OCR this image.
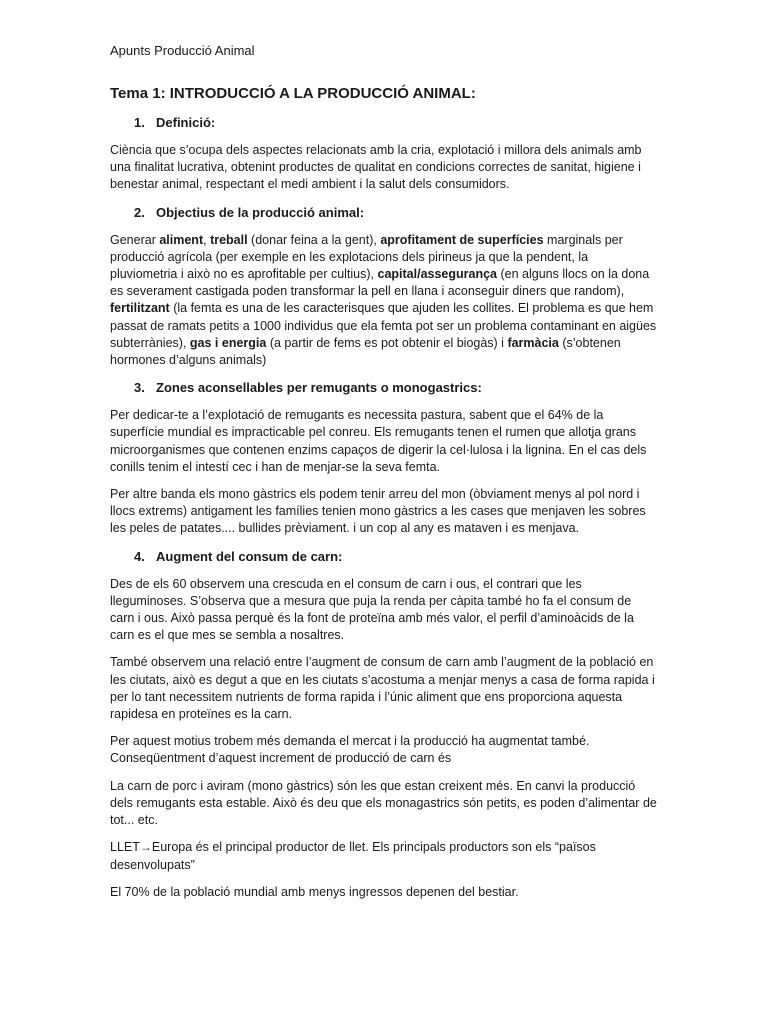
Apunts Producció Animal
Tema 1: INTRODUCCIÓ A LA PRODUCCIÓ ANIMAL:
1. Definició:

Ciència que s’ocupa dels aspectes relacionats amb la cria, explotació i millora dels animals amb una finalitat lucrativa, obtenint productes de qualitat en condicions correctes de sanitat, higiene i benestar animal, respectant el medi ambient i la salut dels consumidors.

2. Objectius de la producció animal:

Generar aliment, treball (donar feina a la gent), aprofitament de superfícies marginals per producció agrícola (per exemple en les explotacions dels pirineus ja que la pendent, la pluviometria i això no es aprofitable per cultius), capital/assegurança (en alguns llocs on la dona es severament castigada poden transformar la pell en llana i aconseguir diners que random), fertilitzant (la femta es una de les caracterisques que ajuden les collites. El problema es que hem passat de ramats petits a 1000 individus que ela femta pot ser un problema contaminant en aigües subterrànies), gas i energia (a partir de fems es pot obtenir el biogàs) i farmàcia (s’obtenen hormones d’alguns animals)

3. Zones aconsellables per remugants o monogastrics:

Per dedicar-te a l’explotació de remugants es necessita pastura, sabent que el 64% de la superfície mundial es impracticable pel conreu. Els remugants tenen el rumen que allotja grans microorganismes que contenen enzims capaços de digerir la cel·lulosa i la lignina. En el cas dels conills tenim el intestí cec i han de menjar-se la seva femta.

Per altre banda els mono gàstrics els podem tenir arreu del mon (òbviament menys al pol nord i llocs extrems) antigament les famílies tenien mono gàstrics a les cases que menjaven les sobres les peles de patates.... bullides prèviament. i un cop al any es mataven i es menjava.

4. Augment del consum de carn:

Des de els 60 observem una crescuda en el consum de carn i ous, el contrari que les lleguminoses. S’observa que a mesura que puja la renda per càpita també ho fa el consum de carn i ous. Això passa perquè és la font de proteïna amb més valor, el perfil d’aminoàcids de la carn es el que mes se sembla a nosaltres.

També observem una relació entre l’augment de consum de carn amb l’augment de la població en les ciutats, això es degut a que en les ciutats s’acostuma a menjar menys a casa de forma rapida i per lo tant necessitem nutrients de forma rapida i l’únic aliment que ens proporciona aquesta rapidesa en proteïnes es la carn.

Per aquest motius trobem més demanda el mercat i la producció ha augmentat també. Conseqüentment d’aquest increment de producció de carn és

La carn de porc i aviram (mono gàstrics) són les que estan creixent més. En canvi la producció dels remugants esta estable. Això és deu que els monagastrics són petits, es poden d’alimentar de tot... etc.

LLET→Europa és el principal productor de llet. Els principals productors son els “països desenvolupats”

El 70% de la població mundial amb menys ingressos depenen del bestiar.
